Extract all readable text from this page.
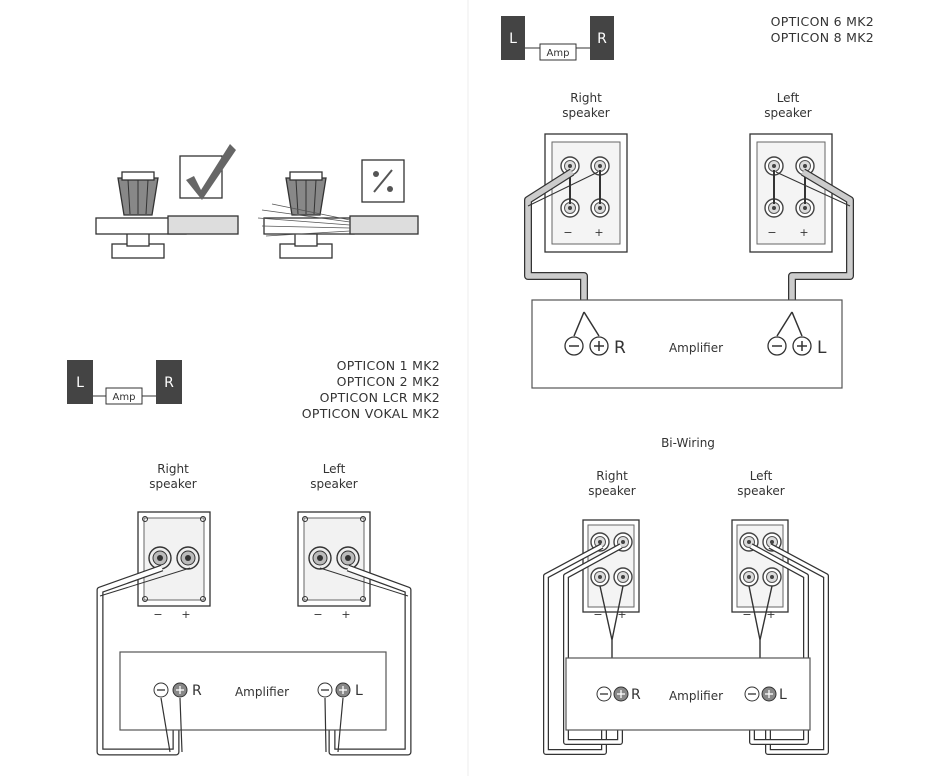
L
Amp
R
OPTICON 1 MK2
OPTICON 2 MK2
OPTICON LCR MK2
OPTICON VOKAL MK2
Right
speaker
Left
speaker
− +	− +
R	Amplifier	L
L
Amp
R
OPTICON 6 MK2
OPTICON 8 MK2
Right
speaker
Left
speaker
− +	− +
R	Amplifier	L
Bi-Wiring
Right
speaker
Left
speaker
− +	− +
R Amplifier	L
